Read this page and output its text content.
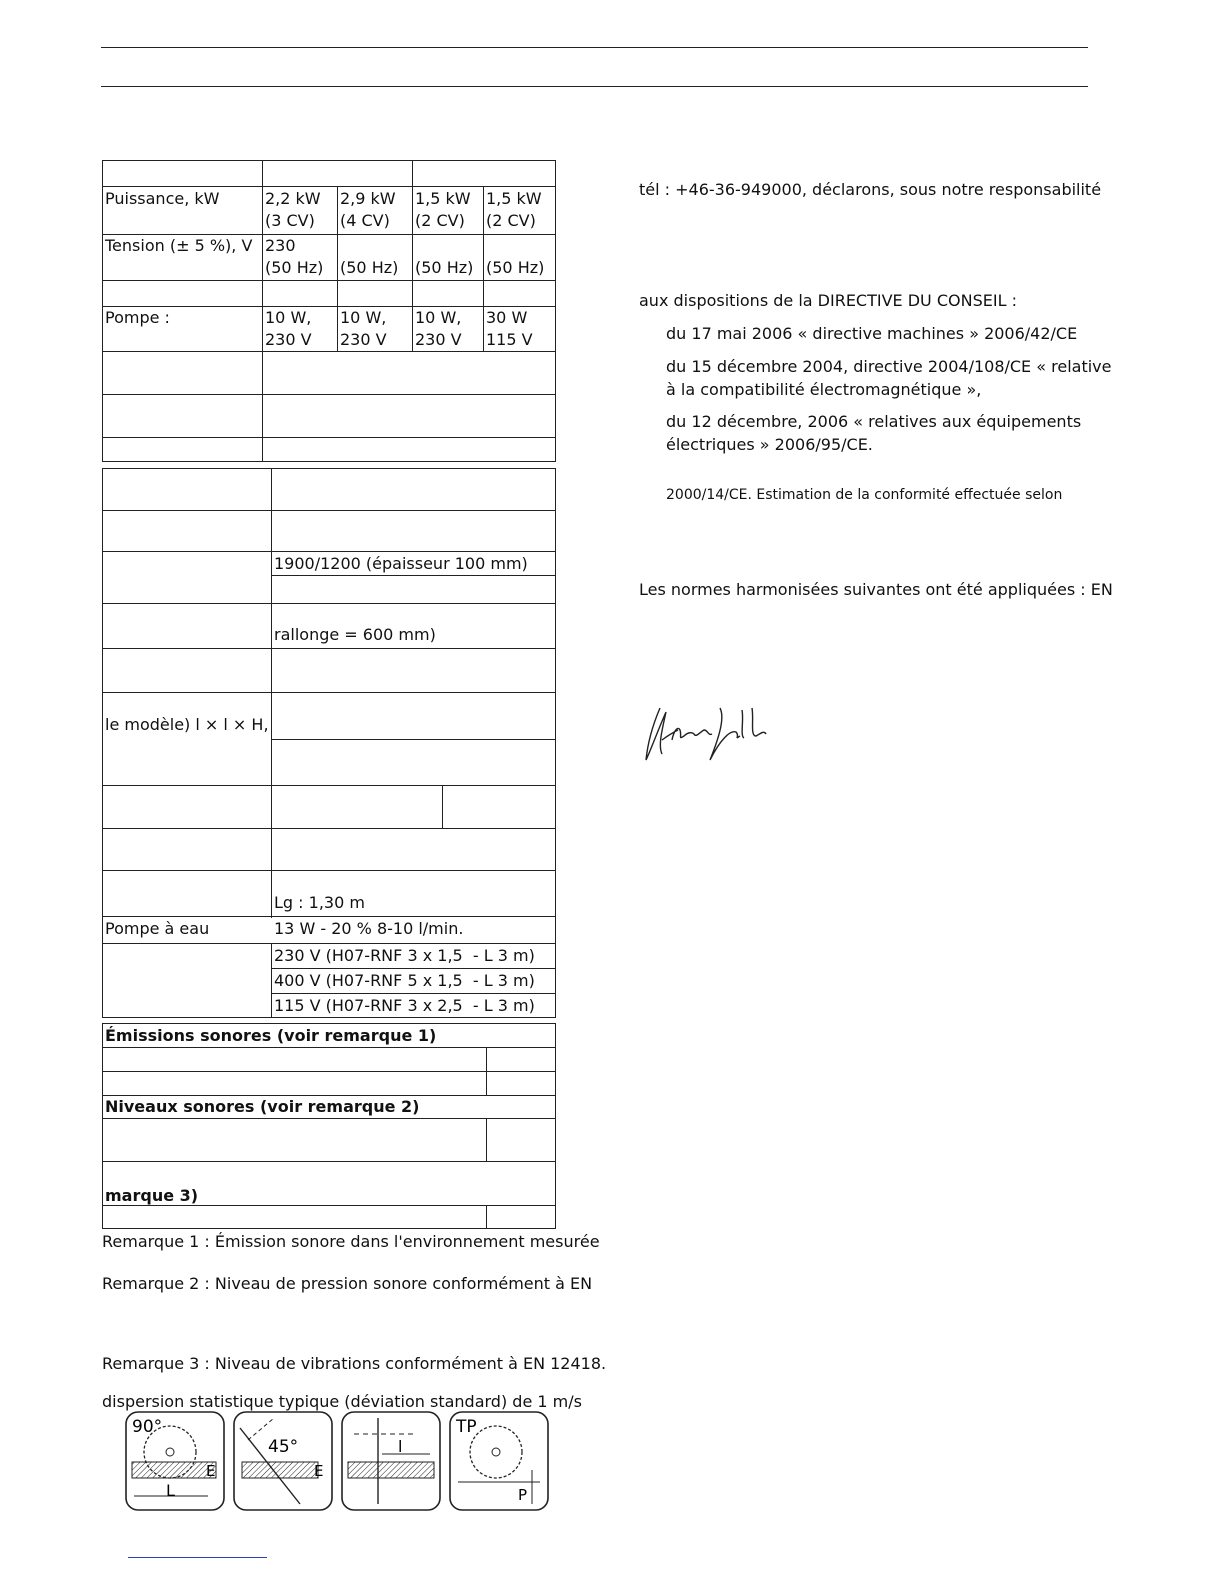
Puissance, kW
Tension (± 5 %), V
Pompe :
2,2 kW
(3 CV)
2,9 kW
(4 CV)
1,5 kW
(2 CV)
1,5 kW
(2 CV)
230
(50 Hz) (50 Hz) (50 Hz) (50 Hz)
10 W,
230 V
10 W,
230 V
10 W,
230 V
30 W
115 V
1900/1200 (épaisseur 100 mm)
rallonge = 600 mm)
le modèle) l × l × H,
Lg : 1,30 m
Pompe à eau	13 W - 20 % 8-10 l/min.
230 V (H07-RNF 3 x 1,5  - L 3 m)
400 V (H07-RNF 5 x 1,5  - L 3 m)
115 V (H07-RNF 3 x 2,5  - L 3 m)
Émissions sonores (voir remarque 1)
Niveaux sonores (voir remarque 2)
marque 3)
Remarque 1 : Émission sonore dans l'environnement mesurée
Remarque 2 : Niveau de pression sonore conformément à EN
Remarque 3 : Niveau de vibrations conformément à EN 12418.
dispersion statistique typique (déviation standard) de 1 m/s
tél : +46-36-949000, déclarons, sous notre responsabilité
aux dispositions de la DIRECTIVE DU CONSEIL :
du 17 mai 2006 « directive machines » 2006/42/CE
du 15 décembre 2004, directive 2004/108/CE « relative
à la compatibilité électromagnétique »,
du 12 décembre, 2006 « relatives aux équipements
électriques » 2006/95/CE.
2000/14/CE. Estimation de la conformité effectuée selon
Les normes harmonisées suivantes ont été appliquées : EN
90°
L
E
45°
E
l
TP
P
